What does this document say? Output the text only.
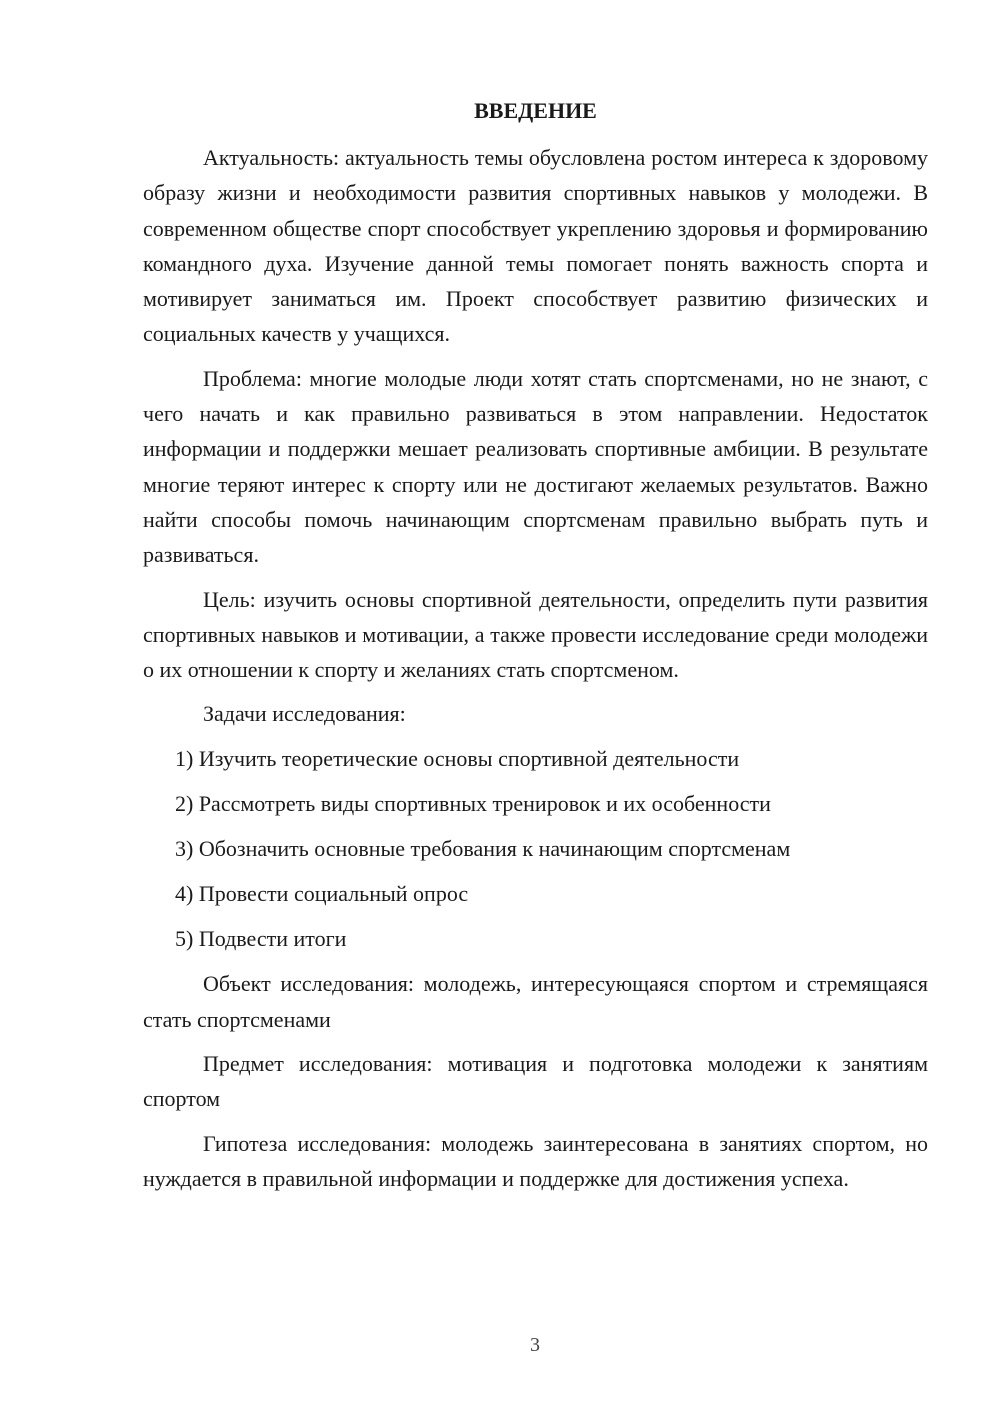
ВВЕДЕНИЕ

Актуальность: актуальность темы обусловлена ростом интереса к здоровому образу жизни и необходимости развития спортивных навыков у молодежи. В современном обществе спорт способствует укреплению здоровья и формированию командного духа. Изучение данной темы помогает понять важность спорта и мотивирует заниматься им. Проект способствует развитию физических и социальных качеств у учащихся.

Проблема: многие молодые люди хотят стать спортсменами, но не знают, с чего начать и как правильно развиваться в этом направлении. Недостаток информации и поддержки мешает реализовать спортивные амбиции. В результате многие теряют интерес к спорту или не достигают желаемых результатов. Важно найти способы помочь начинающим спортсменам правильно выбрать путь и развиваться.

Цель: изучить основы спортивной деятельности, определить пути развития спортивных навыков и мотивации, а также провести исследование среди молодежи о их отношении к спорту и желаниях стать спортсменом.

Задачи исследования:
1) Изучить теоретические основы спортивной деятельности
2) Рассмотреть виды спортивных тренировок и их особенности
3) Обозначить основные требования к начинающим спортсменам
4) Провести социальный опрос
5) Подвести итоги

Объект исследования: молодежь, интересующаяся спортом и стремящаяся стать спортсменами

Предмет исследования: мотивация и подготовка молодежи к занятиям спортом

Гипотеза исследования: молодежь заинтересована в занятиях спортом, но нуждается в правильной информации и поддержке для достижения успеха.

3
